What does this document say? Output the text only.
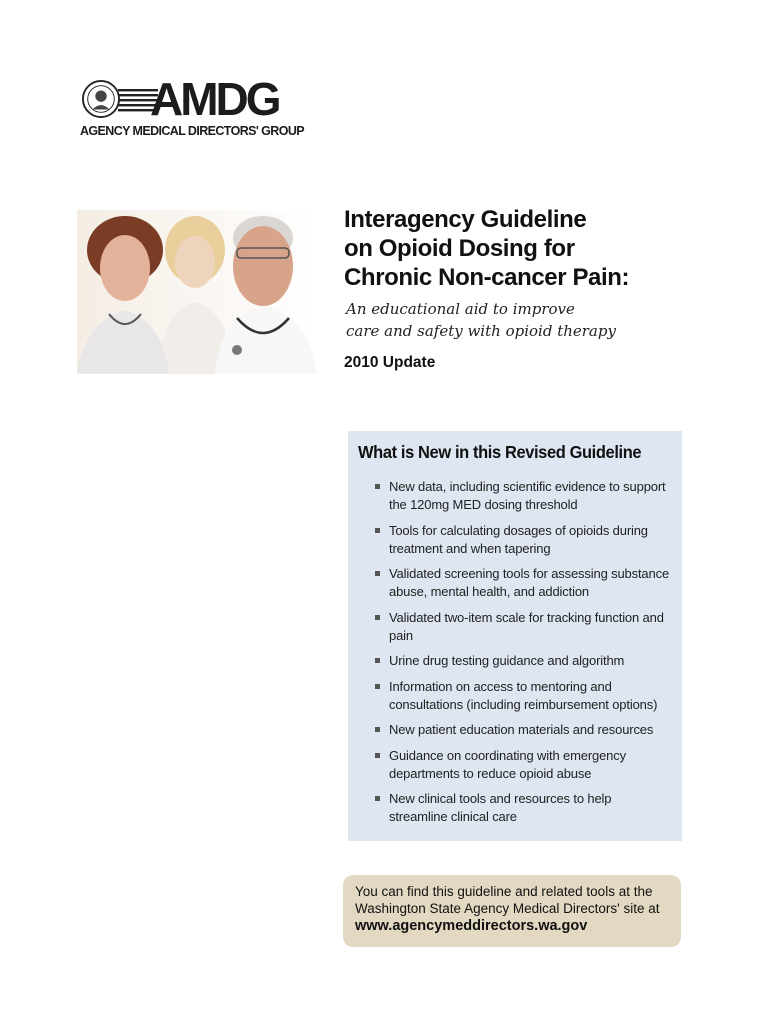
AMDG
AGENCY MEDICAL DIRECTORS' GROUP
Interagency Guideline
on Opioid Dosing for
Chronic Non-cancer Pain:
An educational aid to improve
care and safety with opioid therapy
2010 Update
What is New in this Revised Guideline
New data, including scientific evidence to support the 120mg MED dosing threshold
Tools for calculating dosages of opioids during treatment and when tapering
Validated screening tools for assessing substance abuse, mental health, and addiction
Validated two-item scale for tracking function and pain
Urine drug testing guidance and algorithm
Information on access to mentoring and consultations (including reimbursement options)
New patient education materials and resources
Guidance on coordinating with emergency departments to reduce opioid abuse
New clinical tools and resources to help streamline clinical care
You can find this guideline and related tools at the Washington State Agency Medical Directors' site at www.agencymeddirectors.wa.gov
